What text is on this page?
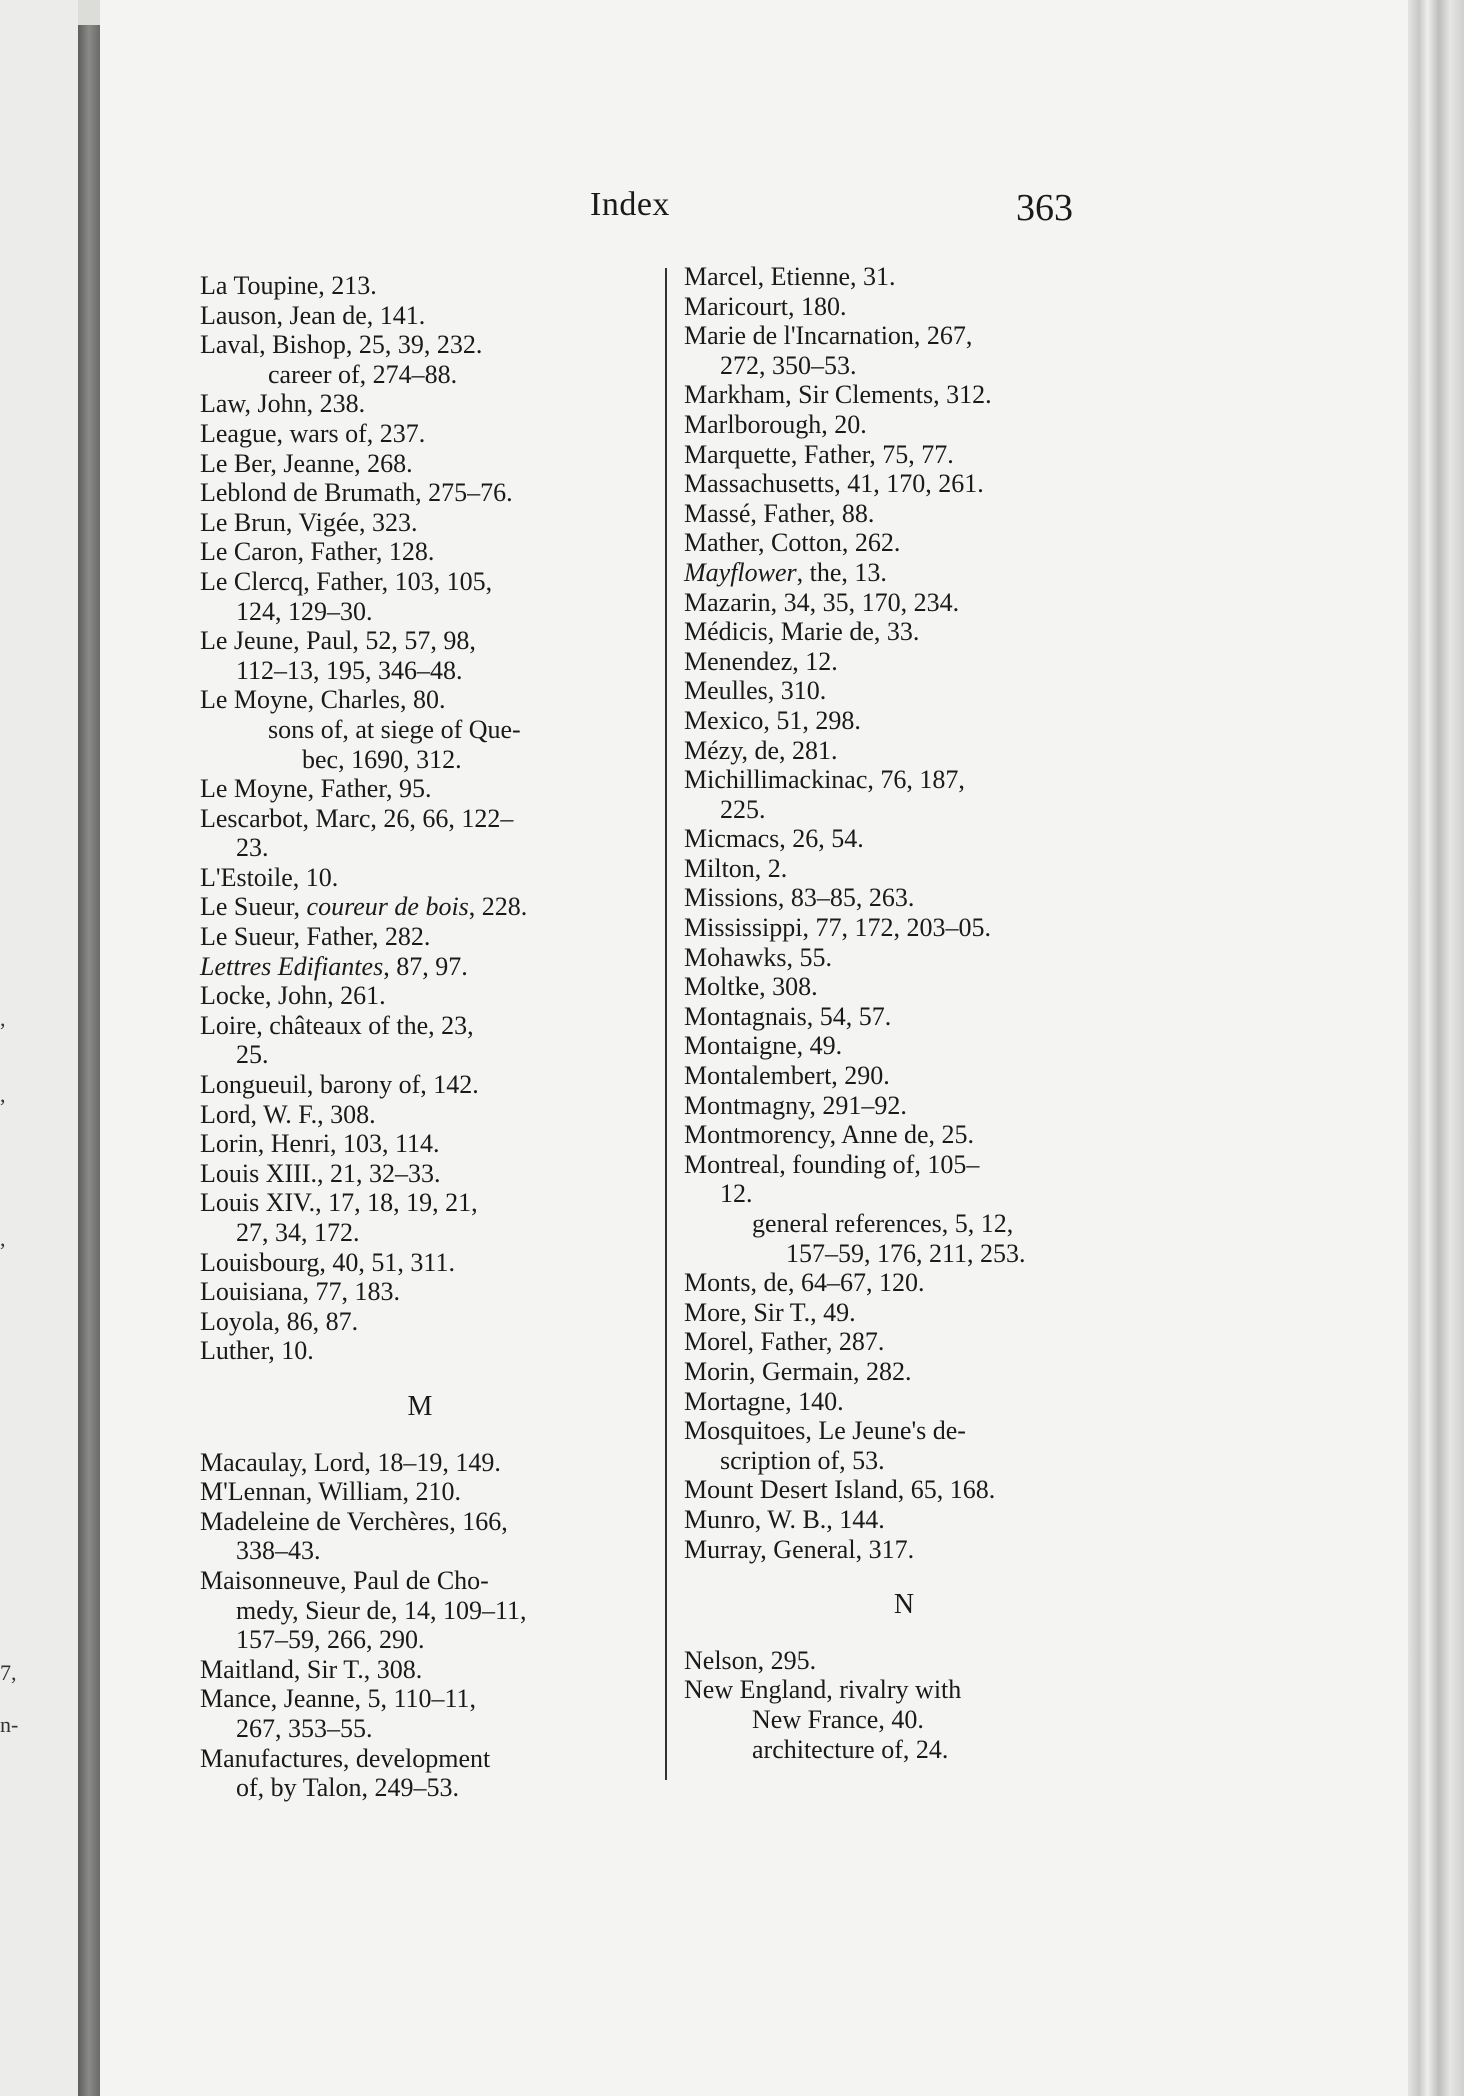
,
,
,
7,
n-
Index	363
La Toupine, 213.
Lauson, Jean de, 141.
Laval, Bishop, 25, 39, 232.
career of, 274–88.
Law, John, 238.
League, wars of, 237.
Le Ber, Jeanne, 268.
Leblond de Brumath, 275–76.
Le Brun, Vigée, 323.
Le Caron, Father, 128.
Le Clercq, Father, 103, 105,
124, 129–30.
Le Jeune, Paul, 52, 57, 98,
112–13, 195, 346–48.
Le Moyne, Charles, 80.
sons of, at siege of Que-
bec, 1690, 312.
Le Moyne, Father, 95.
Lescarbot, Marc, 26, 66, 122–
23.
L'Estoile, 10.
Le Sueur, coureur de bois, 228.
Le Sueur, Father, 282.
Lettres Edifiantes, 87, 97.
Locke, John, 261.
Loire, châteaux of the, 23,
25.
Longueuil, barony of, 142.
Lord, W. F., 308.
Lorin, Henri, 103, 114.
Louis XIII., 21, 32–33.
Louis XIV., 17, 18, 19, 21,
27, 34, 172.
Louisbourg, 40, 51, 311.
Louisiana, 77, 183.
Loyola, 86, 87.
Luther, 10.
M
Macaulay, Lord, 18–19, 149.
M'Lennan, William, 210.
Madeleine de Verchères, 166,
338–43.
Maisonneuve, Paul de Cho-
medy, Sieur de, 14, 109–11,
157–59, 266, 290.
Maitland, Sir T., 308.
Mance, Jeanne, 5, 110–11,
267, 353–55.
Manufactures, development
of, by Talon, 249–53.
Marcel, Etienne, 31.
Maricourt, 180.
Marie de l'Incarnation, 267,
272, 350–53.
Markham, Sir Clements, 312.
Marlborough, 20.
Marquette, Father, 75, 77.
Massachusetts, 41, 170, 261.
Massé, Father, 88.
Mather, Cotton, 262.
Mayflower, the, 13.
Mazarin, 34, 35, 170, 234.
Médicis, Marie de, 33.
Menendez, 12.
Meulles, 310.
Mexico, 51, 298.
Mézy, de, 281.
Michillimackinac, 76, 187,
225.
Micmacs, 26, 54.
Milton, 2.
Missions, 83–85, 263.
Mississippi, 77, 172, 203–05.
Mohawks, 55.
Moltke, 308.
Montagnais, 54, 57.
Montaigne, 49.
Montalembert, 290.
Montmagny, 291–92.
Montmorency, Anne de, 25.
Montreal, founding of, 105–
12.
general references, 5, 12,
157–59, 176, 211, 253.
Monts, de, 64–67, 120.
More, Sir T., 49.
Morel, Father, 287.
Morin, Germain, 282.
Mortagne, 140.
Mosquitoes, Le Jeune's de-
scription of, 53.
Mount Desert Island, 65, 168.
Munro, W. B., 144.
Murray, General, 317.
N
Nelson, 295.
New England, rivalry with
New France, 40.
architecture of, 24.
